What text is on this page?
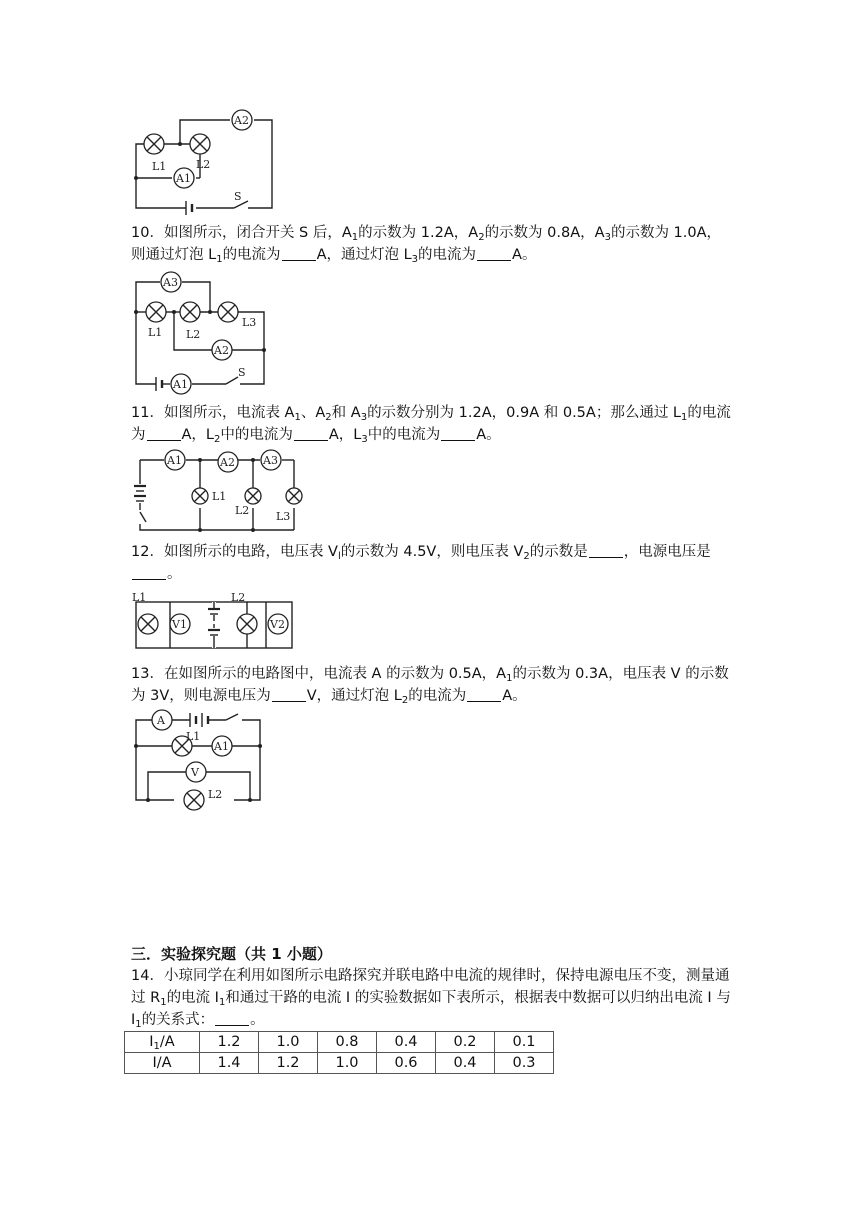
A2
A1
L1	L2
S

10．如图所示，闭合开关 S 后，$A_1$的示数为 1.2A，$A_2$的示数为 0.8A，$A_3$的示数为 1.0A，则通过灯泡 $L_1$的电流为 A，通过灯泡 $L_3$的电流为 A。

A3
A2
A1
L1 L2
L3
S

11．如图所示，电流表 $A_1$、$A_2$和 $A_3$的示数分别为 1.2A，0.9A 和 0.5A；那么通过 $L_1$的电流为 A，$L_2$中的电流为 A，$L_3$中的电流为 A。

A1	A2	A3
L1
L2 L3

12．如图所示的电路，电压表 $V_l$的示数为 4.5V，则电压表 $V_2$的示数是 ，电源电压是。

L1
V1
L2
V2

13．在如图所示的电路图中，电流表 A 的示数为 0.5A，$A_1$的示数为 0.3A，电压表 V 的示数为 3V，则电源电压为 V，通过灯泡 $L_2$的电流为 A。

A
A1
V
L1
L2
三．实验探究题（共 1 小题）

14．小琼同学在利用如图所示电路探究并联电路中电流的规律时，保持电源电压不变，测量通过 $R_1$的电流 $I_1$和通过干路的电流 I 的实验数据如下表所示，根据表中数据可以归纳出电流 I 与 $I_1$的关系式： 。

$I_1/A$	1.2	1.0	0.8	0.4	0.2	0.1
I/A	1.4	1.2	1.0	0.6	0.4	0.3
